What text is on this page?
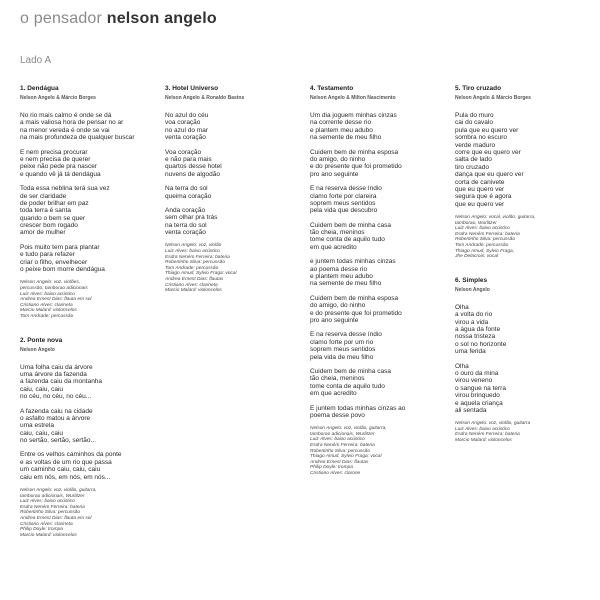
o pensador nelson angelo
Lado A
1. Dendágua
Nelson Angelo & Márcio Borges
No rio mais calmo é onde se dá
a mais valiosa hora de pensar no ar
na menor vereda é onde se vai
na mais profundeza de qualquer buscar
E nem precisa procurar
e nem precisa de querer
peixe não pede pra nascer
e quando vê já tá dendágua
Toda essa neblina terá sua vez
de ser claridade
de poder brilhar em paz
toda terra é santa
quando o bem se quer
crescer bom rogado
amor de mulher
Pois muito tem para plantar
e tudo para refazer
criar o filho, envelhecer
o peixe bom morre dendágua
Nelson Angelo: voz, violões,
percussão, tamborao adicionais
Luiz Alves: baixo acústico
Andrea Ernest Dias: flauta em sol
Cristiano Alves: clarineta
Marcio Malard: violoncelos
Tom Andrade: percussão
2. Ponte nova
Nelson Angelo
Uma folha caiu da árvore
uma árvore da fazenda
a fazenda caiu da montanha
caiu, caiu, caiu
no céu, no céu, no céu...
A fazenda caiu na cidade
o asfalto matou a árvore
uma estrela
caiu, caiu, caiu
no sertão, sertão, sertão...
Entre os velhos caminhos da ponte
e as voltas de um rio que passa
um caminho caiu, caiu, caiu
caiu em nós, em nós, em nós...
Nelson Angelo: voz, violão, guitarra,
tamborao adicionais, Wurlitzer
Luiz Alves: baixo acústico
Esdra Neném Ferreira: bateria
Robertinho Silva: percussão
Andrea Ernest Dias: flauta em sol
Cristiano Alves: clarineta
Philip Doyle: trompa
Marcio Malard: violoncelos
3. Hotel Universo
Nelson Angelo & Ronaldo Bastos
No azul do céu
voa coração
no azul do mar
venta coração
Voa coração
e não para mais
quartos desse hotel
nuvens de algodão
Na terra do sol
queima coração
Anda coração
sem olhar pra trás
na terra do sol
venta coração
Nelson Angelo: voz, violão
Luiz Alves: baixo acústico
Esdra Neném Ferreira: bateria
Robertinho Silva: percussão
Tom Andrade: percussão
Thiago Amud, Sylvio Fraga: vocal
Andrea Ernest Dias: flautas
Cristiano Alves: clarineta
Marcio Malard: violoncelos
4. Testamento
Nelson Angelo & Milton Nascimento
Um dia joguem minhas cinzas
na corrente desse rio
e plantem meu adubo
na semente de meu filho
Cuidem bem de minha esposa
do amigo, do ninho
e do presente que foi prometido
pro ano seguinte
E na reserva desse índio
clamo forte por clareira
soprem meus sentidos
pela vida que descubro
Cuidem bem de minha casa
tão cheia, meninos
tome conta de aquilo tudo
em que acredito
e juntem todas minhas cinzas
ao poema desse rio
e plantem meu adubo
na semente de meu filho
Cuidem bem de minha esposa
do amigo, do ninho
e do presente que foi prometido
pro ano seguinte
E na reserva desse índio
clamo forte por um rio
soprem meus sentidos
pela vida de meu filho
Cuidem bem de minha casa
tão cheia, meninos
tome conta de aquilo tudo
em que acredito
E juntem todas minhas cinzas ao
poema desse povo
Nelson Angelo: voz, violão, guitarra,
tamborao adicionais, Wurlitzer
Luiz Alves: baixo acústico
Esdra Neném Ferreira: bateria
Robertinho Silva: percussão
Thiago Amud, Sylvio Fraga: vocal
Andrea Ernest Dias: flautas
Philip Doyle: trompa
Cristiano Alves: clarone
5. Tiro cruzado
Nelson Angelo & Márcio Borges
Pula do muro
cai do cavalo
pula que eu quero ver
sombra no escuro
verde maduro
corre que eu quero ver
salta de lado
tiro cruzado
dança que eu quero ver
corta de canivete
que eu quero ver
segura que é agora
que eu quero ver
Nelson Angelo: vocal, violão, guitarra,
tamborao, Wurlitzer
Luiz Alves: baixo acústico
Esdra Neném Ferreira: bateria
Robertinho Silva: percussão
Tom Andrade: percussão
Thiago Amud, Sylvio Fraga,
Jhe Delacroix: vocal
6. Simples
Nelson Angelo
Olha
a volta do rio
virou a vida
a água da fonte
nossa tristeza
o sol no horizonte
uma ferida
Olha
o ouro da mina
virou veneno
o sangue na terra
virou brinquedo
e aquela criança
ali sentada
Nelson Angelo: voz, violão, guitarra
Luiz Alves: baixo acústico
Esdra Neném Ferreira: bateria
Marcio Malard: violoncelos
